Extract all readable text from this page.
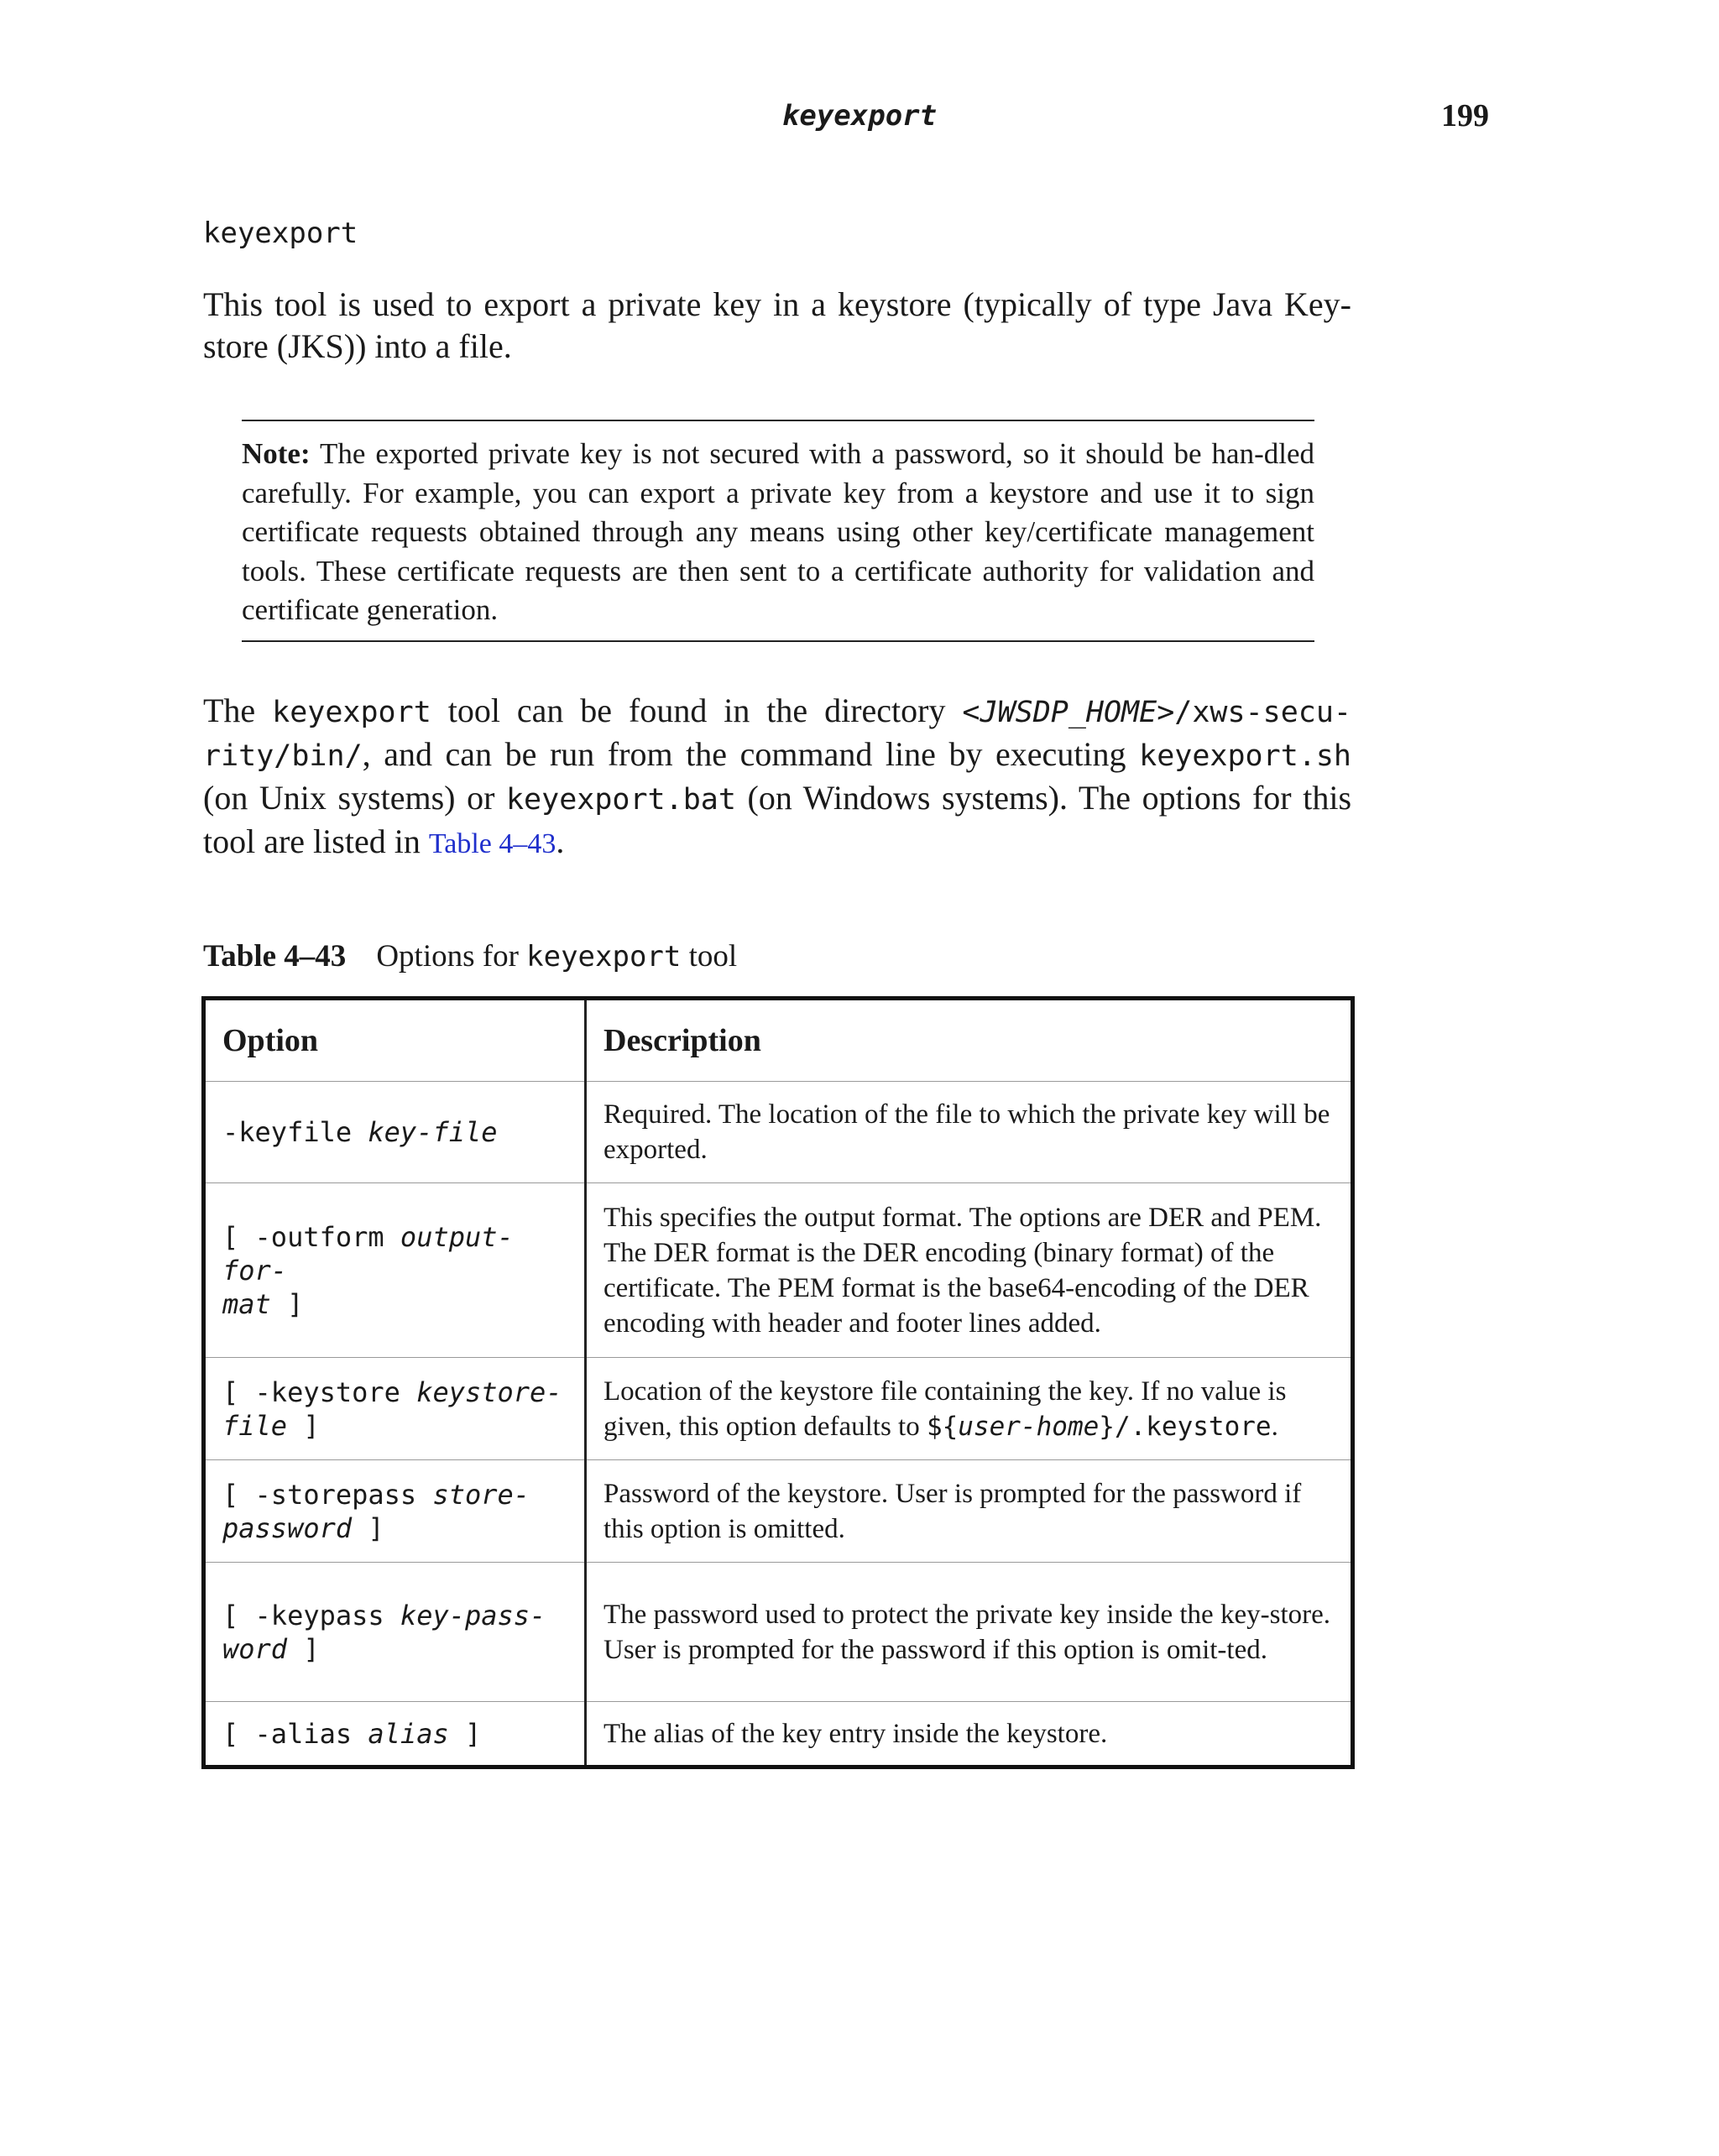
keyexport	199
keyexport

This tool is used to export a private key in a keystore (typically of type Java Key-store (JKS)) into a file.

Note: The exported private key is not secured with a password, so it should be han-dled carefully. For example, you can export a private key from a keystore and use it to sign certificate requests obtained through any means using other key/certificate management tools. These certificate requests are then sent to a certificate authority for validation and certificate generation.

The keyexport tool can be found in the directory <JWSDP_HOME>/xws-secu-rity/bin/, and can be run from the command line by executing keyexport.sh (on Unix systems) or keyexport.bat (on Windows systems). The options for this tool are listed in Table 4–43.

Table 4–43 Options for keyexport tool
Option	Description
-keyfile key-file	Required. The location of the file to which the private key will be exported.
[ -outform output-for-
mat ]	This specifies the output format. The options are DER and PEM. The DER format is the DER encoding (binary format) of the certificate. The PEM format is the base64-encoding of the DER encoding with header and footer lines added.
[ -keystore keystore-
file ]	Location of the keystore file containing the key. If no value is given, this option defaults to ${user-home}/.keystore.
[ -storepass store-
password ]	Password of the keystore. User is prompted for the password if this option is omitted.
[ -keypass key-pass-
word ]	The password used to protect the private key inside the key-store. User is prompted for the password if this option is omit-ted.
[ -alias alias ]	The alias of the key entry inside the keystore.
